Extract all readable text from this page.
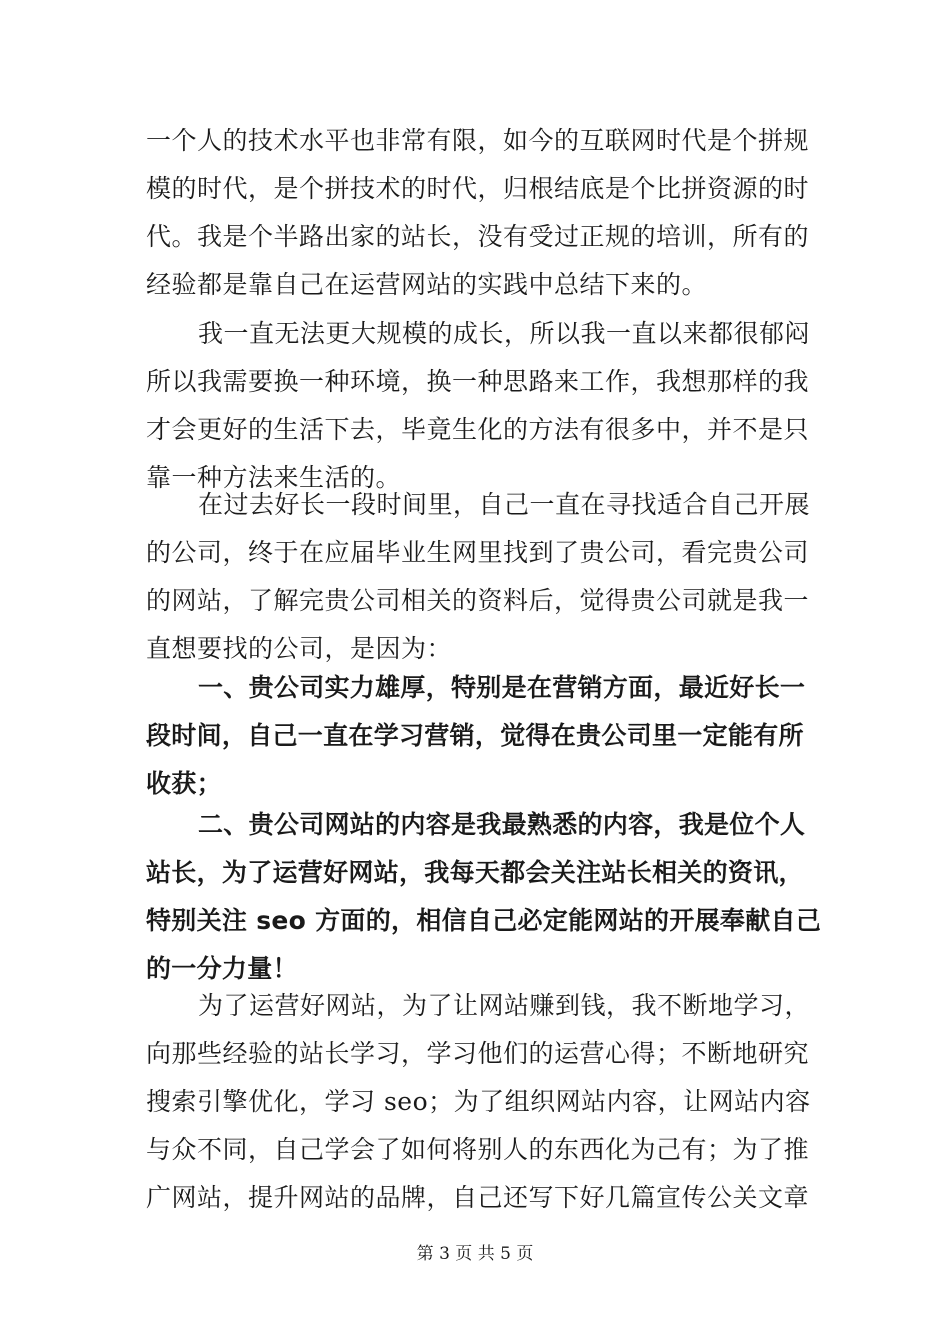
一个人的技术水平也非常有限，如今的互联网时代是个拼规
模的时代，是个拼技术的时代，归根结底是个比拼资源的时
代。我是个半路出家的站长，没有受过正规的培训，所有的
经验都是靠自己在运营网站的实践中总结下来的。

我一直无法更大规模的成长，所以我一直以来都很郁闷
所以我需要换一种环境，换一种思路来工作，我想那样的我
才会更好的生活下去，毕竟生化的方法有很多中，并不是只
靠一种方法来生活的。

在过去好长一段时间里，自己一直在寻找适合自己开展
的公司，终于在应届毕业生网里找到了贵公司，看完贵公司
的网站，了解完贵公司相关的资料后，觉得贵公司就是我一
直想要找的公司，是因为：

一、贵公司实力雄厚，特别是在营销方面，最近好长一
段时间，自己一直在学习营销，觉得在贵公司里一定能有所
收获；

二、贵公司网站的内容是我最熟悉的内容，我是位个人
站长，为了运营好网站，我每天都会关注站长相关的资讯，
特别关注 seo 方面的，相信自己必定能网站的开展奉献自己
的一分力量！

为了运营好网站，为了让网站赚到钱，我不断地学习，
向那些经验的站长学习，学习他们的运营心得；不断地研究
搜索引擎优化，学习 seo；为了组织网站内容，让网站内容
与众不同，自己学会了如何将别人的东西化为己有；为了推
广网站，提升网站的品牌，自己还写下好几篇宣传公关文章

第 3 页 共 5 页
